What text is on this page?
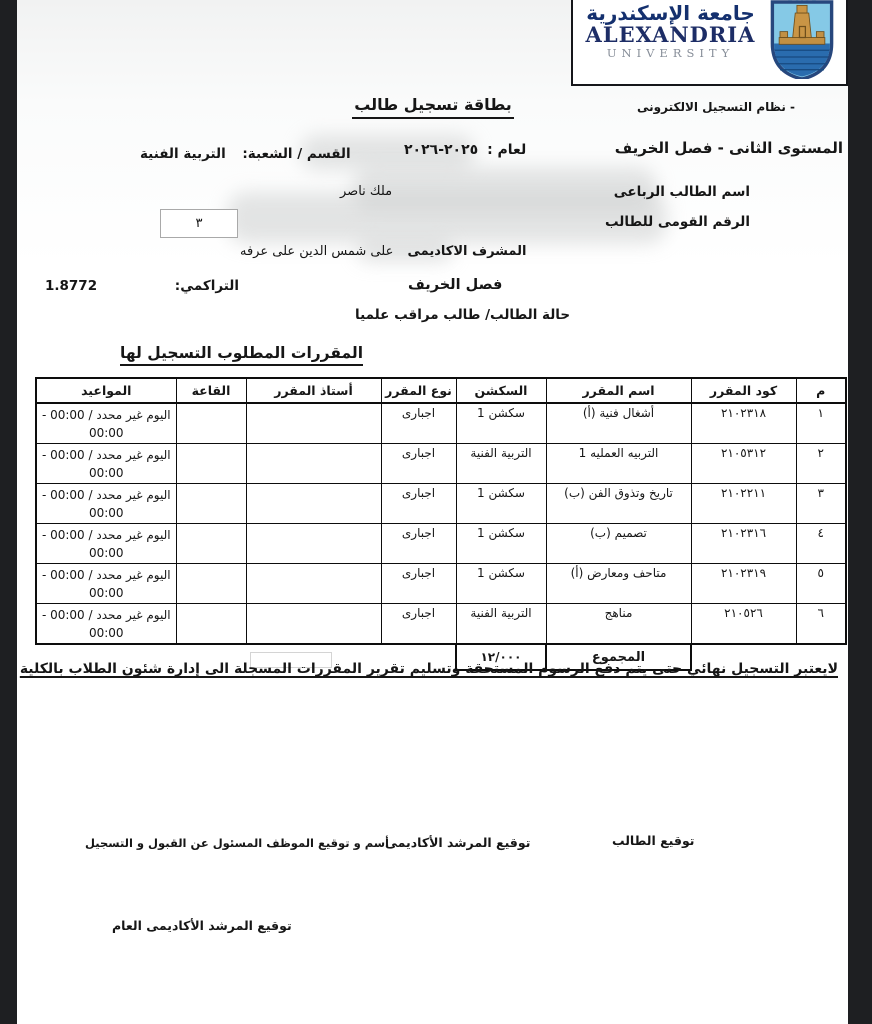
جامعة الإسكندرية
ALEXANDRIA
UNIVERSITY
- نظام التسجيل الالكترونى
بطاقة تسجيل طالب
المستوى الثانى - فصل الخريف
لعام : ٢٠٢٥-٢٠٢٦
القسم / الشعبة: التربية الفنية
اسم الطالب الرباعى
ملك ناصر
الرقم القومى للطالب
٣
المشرف الاكاديمى على شمس الدين على عرفه
فصل الخريف
التراكمي:
1.8772
حالة الطالب/ طالب مراقب علميا
المقررات المطلوب التسجيل لها
م	كود المقرر	اسم المقرر	السكشن	نوع المقرر	أستاذ المقرر	القاعة	المواعيد
١	٢١٠٢٣١٨	أشغال فنية (أ)	سكشن 1	اجبارى			اليوم غير محدد / 00:00 - 00:00
٢	٢١٠٥٣١٢	التربيه العمليه 1	التربية الفنية	اجبارى			اليوم غير محدد / 00:00 - 00:00
٣	٢١٠٢٢١١	تاريخ وتذوق الفن (ب)	سكشن 1	اجبارى			اليوم غير محدد / 00:00 - 00:00
٤	٢١٠٢٣١٦	تصميم (ب)	سكشن 1	اجبارى			اليوم غير محدد / 00:00 - 00:00
٥	٢١٠٢٣١٩	متاحف ومعارض (أ)	سكشن 1	اجبارى			اليوم غير محدد / 00:00 - 00:00
٦	٢١٠٥٢٦	مناهج	التربية الفنية	اجبارى			اليوم غير محدد / 00:00 - 00:00
		المجموع	١٢/٠٠٠			

لايعتبر التسجيل نهائي حتى يتم دفع الرسوم المستحقة وتسليم تقرير المقررات المسجلة الى إدارة شئون الطلاب بالكلية
توقيع الطالب
توقيع المرشد الأكاديمى
أسم و توقيع الموظف المسئول عن القبول و التسجيل
توقيع المرشد الأكاديمى العام
